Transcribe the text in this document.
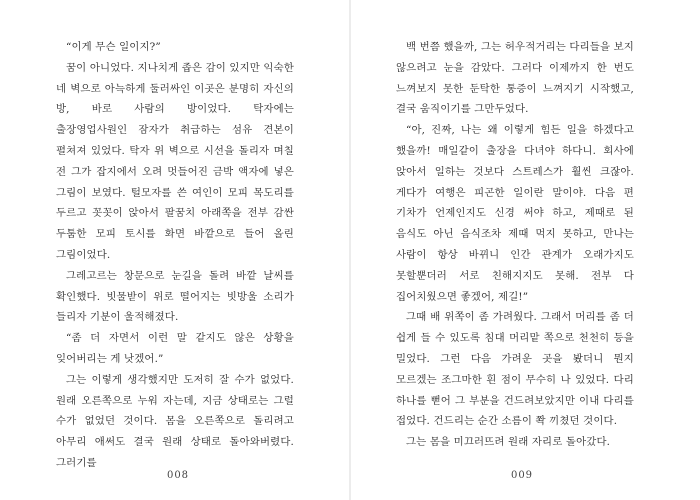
“이게 무슨 일이지?”

꿈이 아니었다. 지나치게 좁은 감이 있지만 익숙한 네 벽으로 아늑하게 둘러싸인 이곳은 분명히 자신의 방, 바로 사람의 방이었다. 탁자에는 출장영업사원인 잠자가 취급하는 섬유 견본이 펼쳐져 있었다. 탁자 위 벽으로 시선을 돌리자 며칠 전 그가 잡지에서 오려 멋들어진 금박 액자에 넣은 그림이 보였다. 털모자를 쓴 여인이 모피 목도리를 두르고 꼿꼿이 앉아서 팔꿈치 아래쪽을 전부 감싼 두툼한 모피 토시를 화면 바깥으로 들어 올린 그림이었다.

그레고르는 창문으로 눈길을 돌려 바깥 날씨를 확인했다. 빗물받이 위로 떨어지는 빗방울 소리가 들리자 기분이 울적해졌다.

“좀 더 자면서 이런 말 같지도 않은 상황을 잊어버리는 게 낫겠어.”

그는 이렇게 생각했지만 도저히 잘 수가 없었다. 원래 오른쪽으로 누워 자는데, 지금 상태로는 그럴 수가 없었던 것이다. 몸을 오른쪽으로 돌리려고 아무리 애써도 결국 원래 상태로 돌아와버렸다. 그러기를

008

백 번쯤 했을까, 그는 허우적거리는 다리들을 보지 않으려고 눈을 감았다. 그러다 이제까지 한 번도 느껴보지 못한 둔탁한 통증이 느껴지기 시작했고, 결국 움직이기를 그만두었다.

“아, 진짜, 나는 왜 이렇게 힘든 일을 하겠다고 했을까! 매일같이 출장을 다녀야 하다니. 회사에 앉아서 일하는 것보다 스트레스가 훨씬 크잖아. 게다가 여행은 피곤한 일이란 말이야. 다음 편 기차가 언제인지도 신경 써야 하고, 제때로 된 음식도 아닌 음식조차 제때 먹지 못하고, 만나는 사람이 항상 바뀌니 인간 관계가 오래가지도 못할뿐더러 서로 친해지지도 못해. 전부 다 집어치웠으면 좋겠어, 제길!”

그때 배 위쪽이 좀 가려웠다. 그래서 머리를 좀 더 쉽게 들 수 있도록 침대 머리맡 쪽으로 천천히 등을 밀었다. 그런 다음 가려운 곳을 봤더니 뭔지 모르겠는 조그마한 흰 점이 무수히 나 있었다. 다리 하나를 뻗어 그 부분을 건드려보았지만 이내 다리를 접었다. 건드리는 순간 소름이 쫙 끼쳤던 것이다.

그는 몸을 미끄러뜨려 원래 자리로 돌아갔다.

009
